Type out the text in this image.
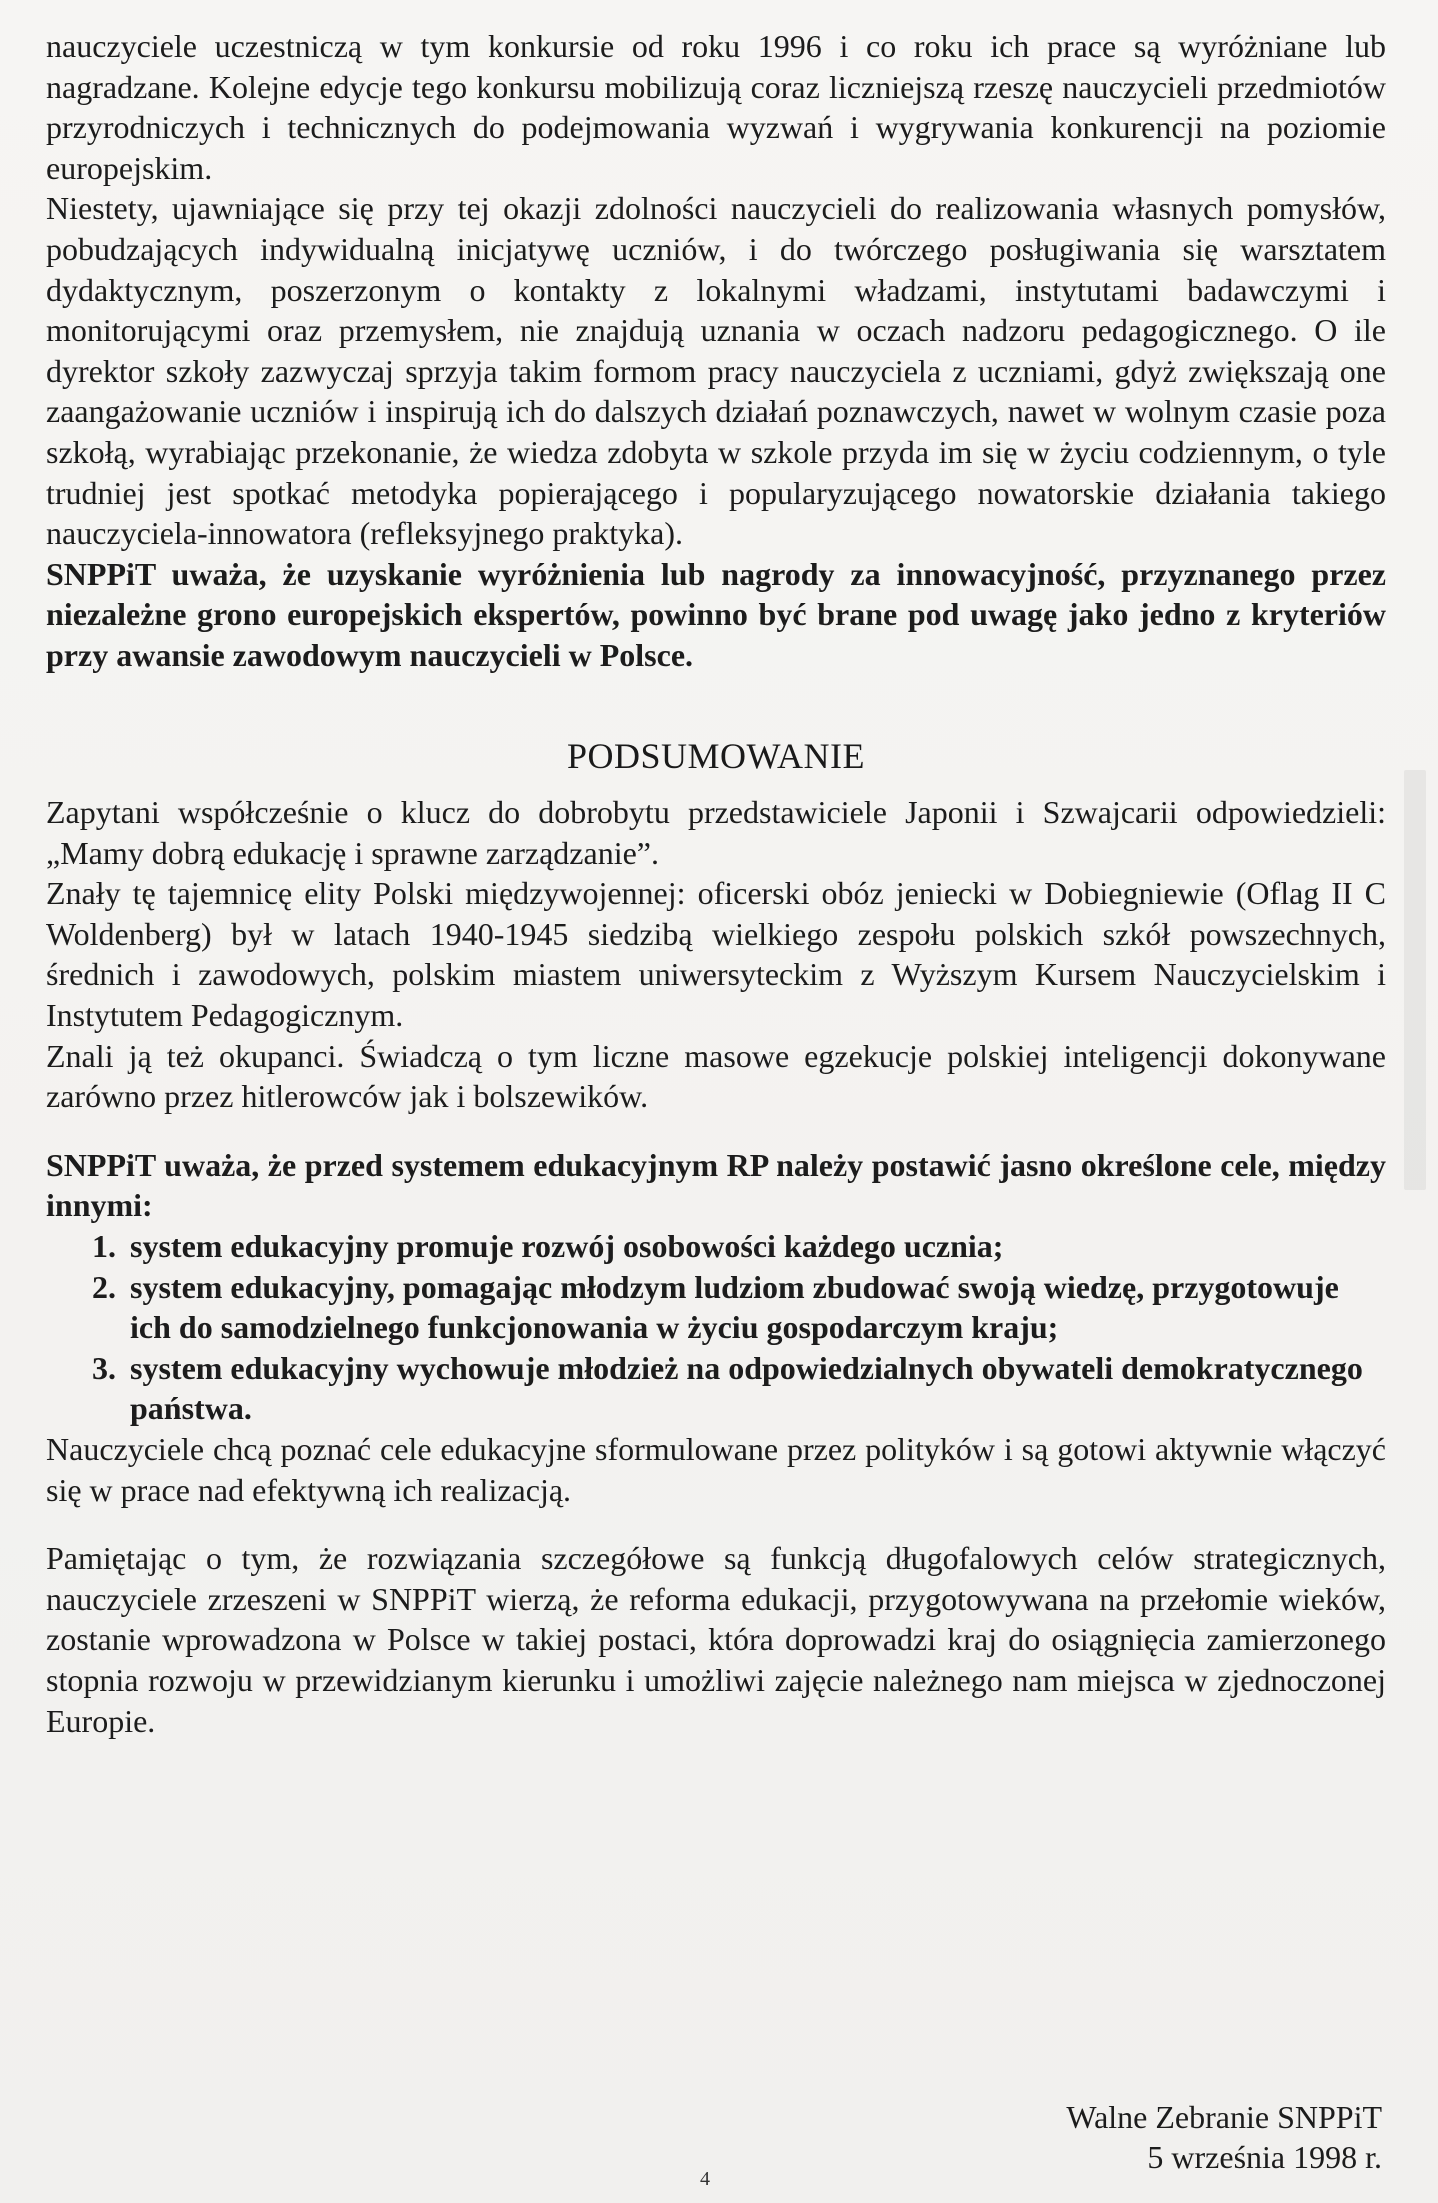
nauczyciele uczestniczą w tym konkursie od roku 1996 i co roku ich prace są wyróżniane lub nagradzane. Kolejne edycje tego konkursu mobilizują coraz liczniejszą rzeszę nauczycieli przedmiotów przyrodniczych i technicznych do podejmowania wyzwań i wygrywania konkurencji na poziomie europejskim.

Niestety, ujawniające się przy tej okazji zdolności nauczycieli do realizowania własnych pomysłów, pobudzających indywidualną inicjatywę uczniów, i do twórczego posługiwania się warsztatem dydaktycznym, poszerzonym o kontakty z lokalnymi władzami, instytutami badawczymi i monitorującymi oraz przemysłem, nie znajdują uznania w oczach nadzoru pedagogicznego. O ile dyrektor szkoły zazwyczaj sprzyja takim formom pracy nauczyciela z uczniami, gdyż zwiększają one zaangażowanie uczniów i inspirują ich do dalszych działań poznawczych, nawet w wolnym czasie poza szkołą, wyrabiając przekonanie, że wiedza zdobyta w szkole przyda im się w życiu codziennym, o tyle trudniej jest spotkać metodyka popierającego i popularyzującego nowatorskie działania takiego nauczyciela-innowatora (refleksyjnego praktyka).

SNPPiT uważa, że uzyskanie wyróżnienia lub nagrody za innowacyjność, przyznanego przez niezależne grono europejskich ekspertów, powinno być brane pod uwagę jako jedno z kryteriów przy awansie zawodowym nauczycieli w Polsce.

PODSUMOWANIE

Zapytani współcześnie o klucz do dobrobytu przedstawiciele Japonii i Szwajcarii odpowiedzieli: „Mamy dobrą edukację i sprawne zarządzanie”.

Znały tę tajemnicę elity Polski międzywojennej: oficerski obóz jeniecki w Dobiegniewie (Oflag II C Woldenberg) był w latach 1940-1945 siedzibą wielkiego zespołu polskich szkół powszechnych, średnich i zawodowych, polskim miastem uniwersyteckim z Wyższym Kursem Nauczycielskim i Instytutem Pedagogicznym.

Znali ją też okupanci. Świadczą o tym liczne masowe egzekucje polskiej inteligencji dokonywane zarówno przez hitlerowców jak i bolszewików.

SNPPiT uważa, że przed systemem edukacyjnym RP należy postawić jasno określone cele, między innymi:

1. system edukacyjny promuje rozwój osobowości każdego ucznia;
2. system edukacyjny, pomagając młodzym ludziom zbudować swoją wiedzę, przygotowuje ich do samodzielnego funkcjonowania w życiu gospodarczym kraju;
3. system edukacyjny wychowuje młodzież na odpowiedzialnych obywateli demokratycznego państwa.

Nauczyciele chcą poznać cele edukacyjne sformulowane przez polityków i są gotowi aktywnie włączyć się w prace nad efektywną ich realizacją.

Pamiętając o tym, że rozwiązania szczegółowe są funkcją długofalowych celów strategicznych, nauczyciele zrzeszeni w SNPPiT wierzą, że reforma edukacji, przygotowywana na przełomie wieków, zostanie wprowadzona w Polsce w takiej postaci, która doprowadzi kraj do osiągnięcia zamierzonego stopnia rozwoju w przewidzianym kierunku i umożliwi zajęcie należnego nam miejsca w zjednoczonej Europie.

Walne Zebranie SNPPiT
5 września 1998 r.
4
